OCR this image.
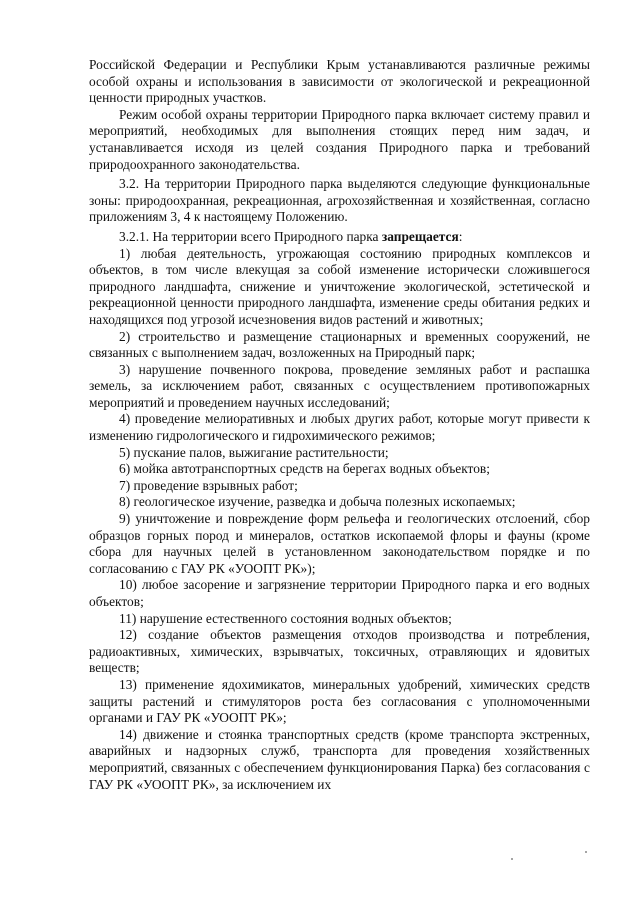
Российской Федерации и Республики Крым устанавливаются различные режимы особой охраны и использования в зависимости от экологической и рекреационной ценности природных участков.

Режим особой охраны территории Природного парка включает систему правил и мероприятий, необходимых для выполнения стоящих перед ним задач, и устанавливается исходя из целей создания Природного парка и требований природоохранного законодательства.

3.2. На территории Природного парка выделяются следующие функциональные зоны: природоохранная, рекреационная, агрохозяйственная и хозяйственная, согласно приложениям 3, 4 к настоящему Положению.

3.2.1. На территории всего Природного парка запрещается:

1) любая деятельность, угрожающая состоянию природных комплексов и объектов, в том числе влекущая за собой изменение исторически сложившегося природного ландшафта, снижение и уничтожение экологической, эстетической и рекреационной ценности природного ландшафта, изменение среды обитания редких и находящихся под угрозой исчезновения видов растений и животных;

2) строительство и размещение стационарных и временных сооружений, не связанных с выполнением задач, возложенных на Природный парк;

3) нарушение почвенного покрова, проведение земляных работ и распашка земель, за исключением работ, связанных с осуществлением противопожарных мероприятий и проведением научных исследований;

4) проведение мелиоративных и любых других работ, которые могут привести к изменению гидрологического и гидрохимического режимов;

5) пускание палов, выжигание растительности;

6) мойка автотранспортных средств на берегах водных объектов;

7) проведение взрывных работ;

8) геологическое изучение, разведка и добыча полезных ископаемых;

9) уничтожение и повреждение форм рельефа и геологических отслоений, сбор образцов горных пород и минералов, остатков ископаемой флоры и фауны (кроме сбора для научных целей в установленном законодательством порядке и по согласованию с ГАУ РК «УООПТ РК»);

10) любое засорение и загрязнение территории Природного парка и его водных объектов;

11) нарушение естественного состояния водных объектов;

12) создание объектов размещения отходов производства и потребления, радиоактивных, химических, взрывчатых, токсичных, отравляющих и ядовитых веществ;

13) применение ядохимикатов, минеральных удобрений, химических средств защиты растений и стимуляторов роста без согласования с уполномоченными органами и ГАУ РК «УООПТ РК»;

14) движение и стоянка транспортных средств (кроме транспорта экстренных, аварийных и надзорных служб, транспорта для проведения хозяйственных мероприятий, связанных с обеспечением функционирования Парка) без согласования с ГАУ РК «УООПТ РК», за исключением их
